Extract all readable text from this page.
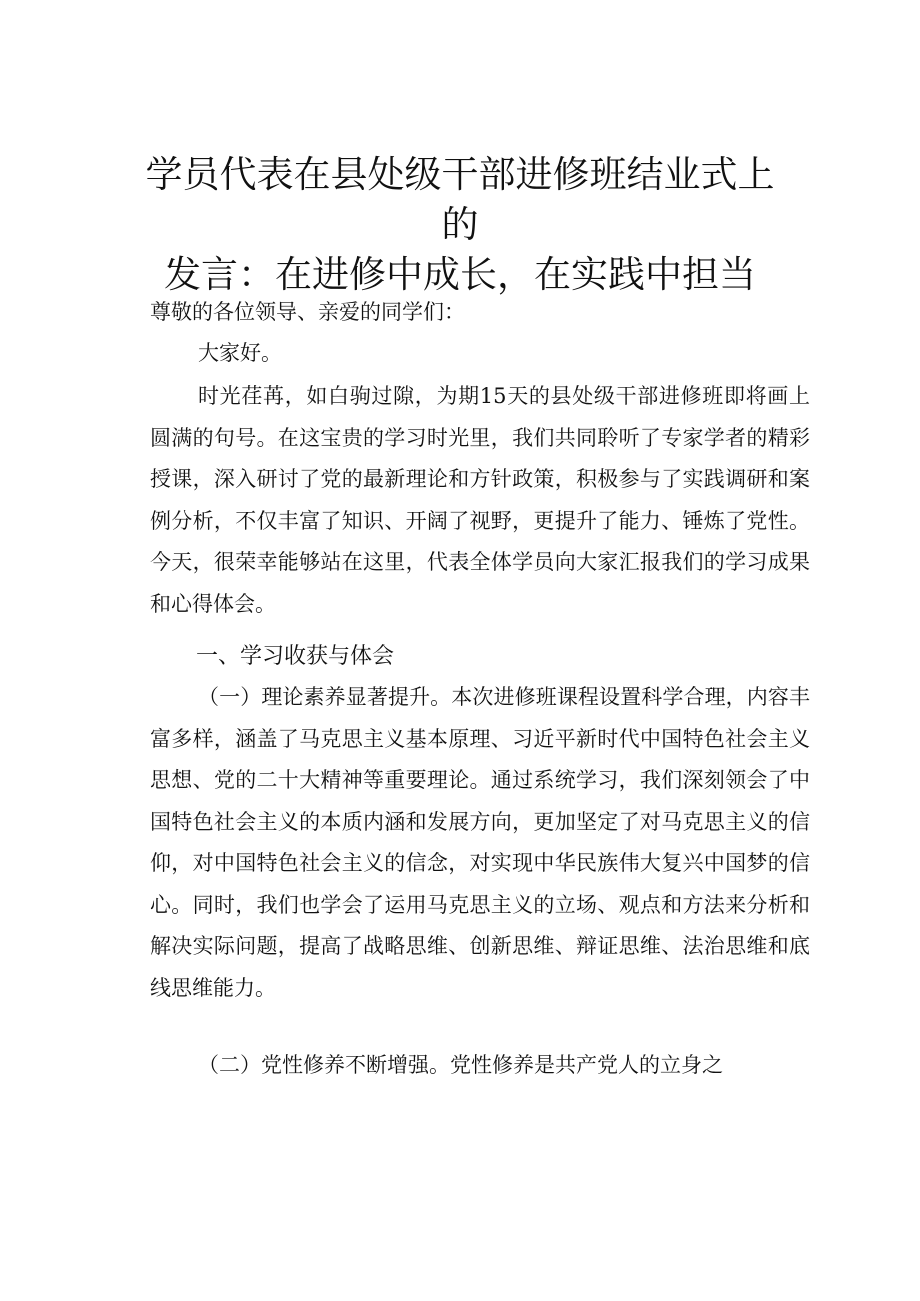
学员代表在县处级干部进修班结业式上的
发言：在进修中成长，在实践中担当

尊敬的各位领导、亲爱的同学们：

大家好。

时光荏苒，如白驹过隙，为期15天的县处级干部进修班即将画上圆满的句号。在这宝贵的学习时光里，我们共同聆听了专家学者的精彩授课，深入研讨了党的最新理论和方针政策，积极参与了实践调研和案例分析，不仅丰富了知识、开阔了视野，更提升了能力、锤炼了党性。今天，很荣幸能够站在这里，代表全体学员向大家汇报我们的学习成果和心得体会。

一、学习收获与体会

（一）理论素养显著提升。本次进修班课程设置科学合理，内容丰富多样，涵盖了马克思主义基本原理、习近平新时代中国特色社会主义思想、党的二十大精神等重要理论。通过系统学习，我们深刻领会了中国特色社会主义的本质内涵和发展方向，更加坚定了对马克思主义的信仰，对中国特色社会主义的信念，对实现中华民族伟大复兴中国梦的信心。同时，我们也学会了运用马克思主义的立场、观点和方法来分析和解决实际问题，提高了战略思维、创新思维、辩证思维、法治思维和底线思维能力。

（二）党性修养不断增强。党性修养是共产党人的立身之
